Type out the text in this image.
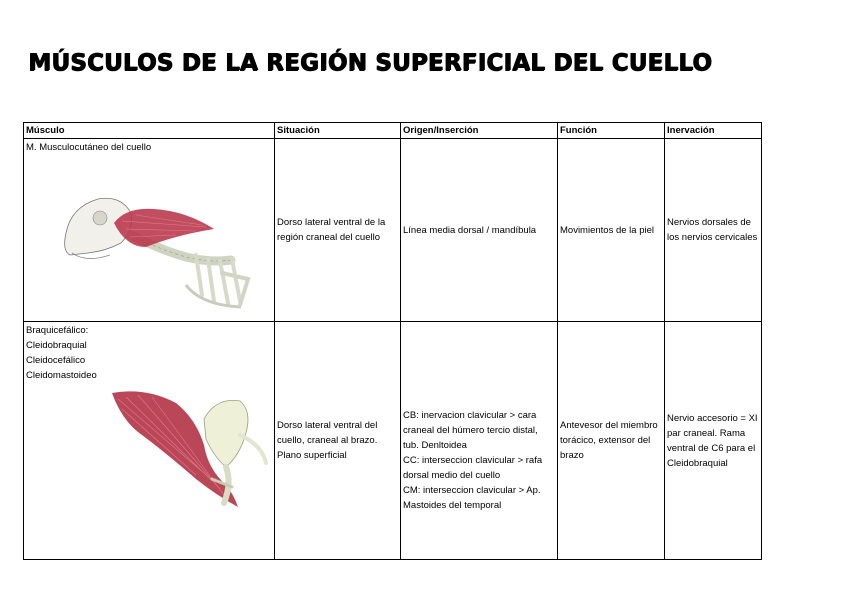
MÚSCULOS DE LA REGIÓN SUPERFICIAL DEL CUELLO
Músculo	Situación	Origen/Inserción	Función	Inervación

M. Musculocutáneo del cuello	Dorso lateral ventral de la región craneal del cuello	Línea media dorsal / mandíbula	Movimientos de la piel	Nervios dorsales de los nervios cervicales

Braquicefálico:
Cleidobraquial
Cleidocefálico
Cleidomastoideo	Dorso lateral ventral del cuello, craneal al brazo. Plano superficial	CB: inervacion clavicular > cara craneal del húmero tercio distal, tub. Denltoidea
CC: interseccion clavicular > rafa dorsal medio del cuello
CM: interseccion clavicular > Ap. Mastoides del temporal	Antevesor del miembro torácico, extensor del brazo	Nervio accesorio = XI par craneal. Rama ventral de C6 para el Cleidobraquial
